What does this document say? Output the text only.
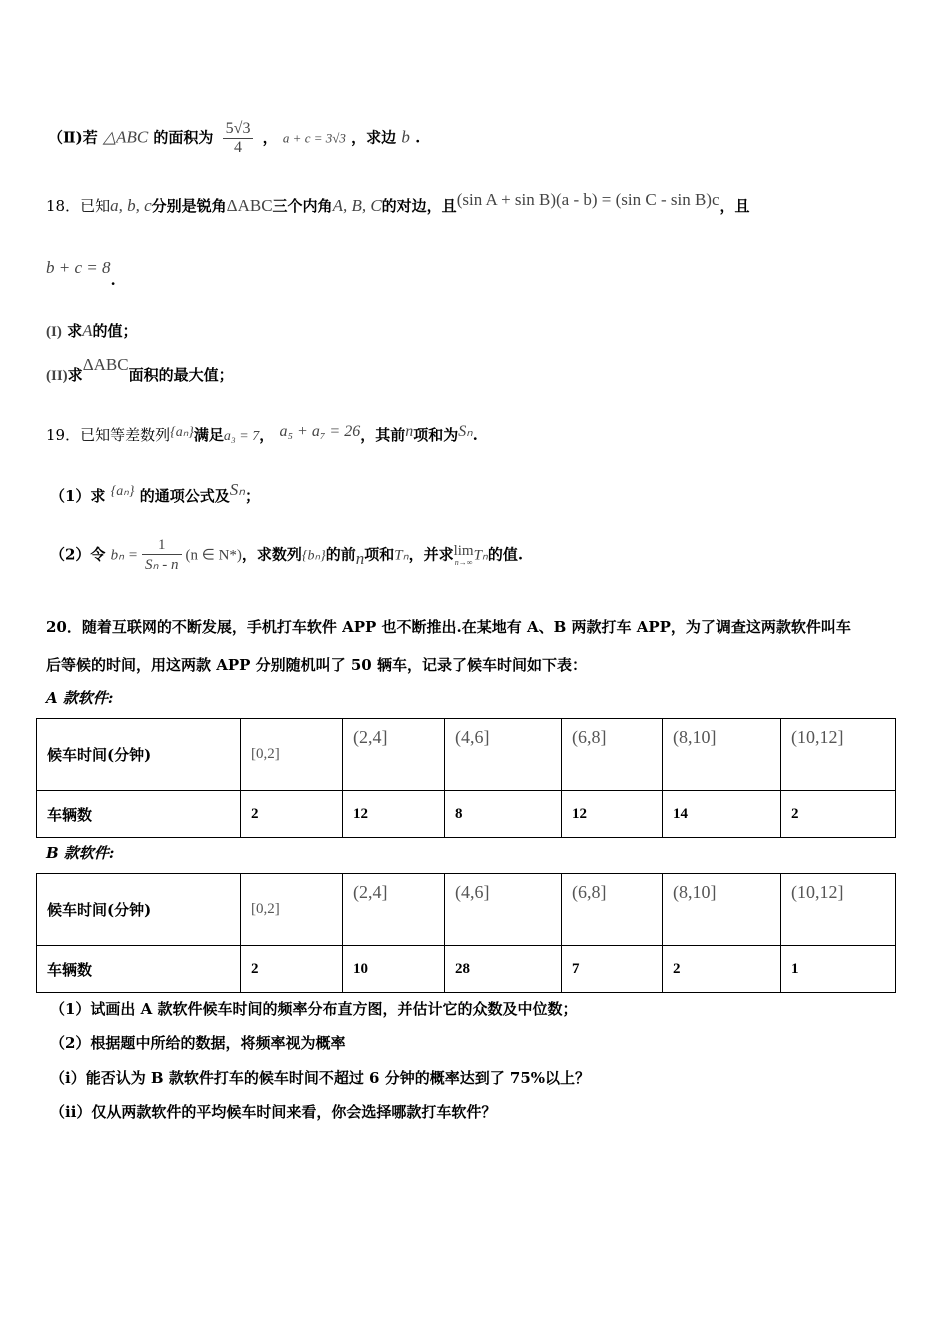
（Ⅱ)若 △ABC 的面积为 $\frac{5√3}{4}$ ， a + c = 3√3 ，求边 b .
18．已知a, b, c分别是锐角ΔABC三个内角A, B, C的对边，且(sin A + sin B)(a - b) = (sin C - sin B)c，且
b + c = 8.
(I) 求A的值；
(II)求ΔABC面积的最大值；
19．已知等差数列{aₙ}满足a₃ = 7， a₅ + a₇ = 26，其前n项和为Sₙ.
（1）求 {aₙ} 的通项公式及Sₙ；
（2）令 $b_n = \frac{1}{\text{Sₙ - n}} (n$ ∈ N*)，求数列{bₙ}的前n项和Tₙ，并求 lim
n→∞ Tₙ的值.
20．随着互联网的不断发展，手机打车软件 APP 也不断推出.在某地有 A、B 两款打车 APP，为了调查这两款软件叫车
后等候的时间，用这两款 APP 分别随机叫了 50 辆车，记录了候车时间如下表：
A 款软件:
候车时间(分钟)	[0,2]	(2,4]	(4,6]	(6,8]	(8,10]	(10,12]
车辆数	2	12	8	12	14	2
B 款软件:
候车时间(分钟)	[0,2]	(2,4]	(4,6]	(6,8]	(8,10]	(10,12]
车辆数	2	10	28	7	2	1
（1）试画出 A 款软件候车时间的频率分布直方图，并估计它的众数及中位数；
（2）根据题中所给的数据，将频率视为概率
（i）能否认为 B 款软件打车的候车时间不超过 6 分钟的概率达到了 75%以上？
（ii）仅从两款软件的平均候车时间来看，你会选择哪款打车软件？
